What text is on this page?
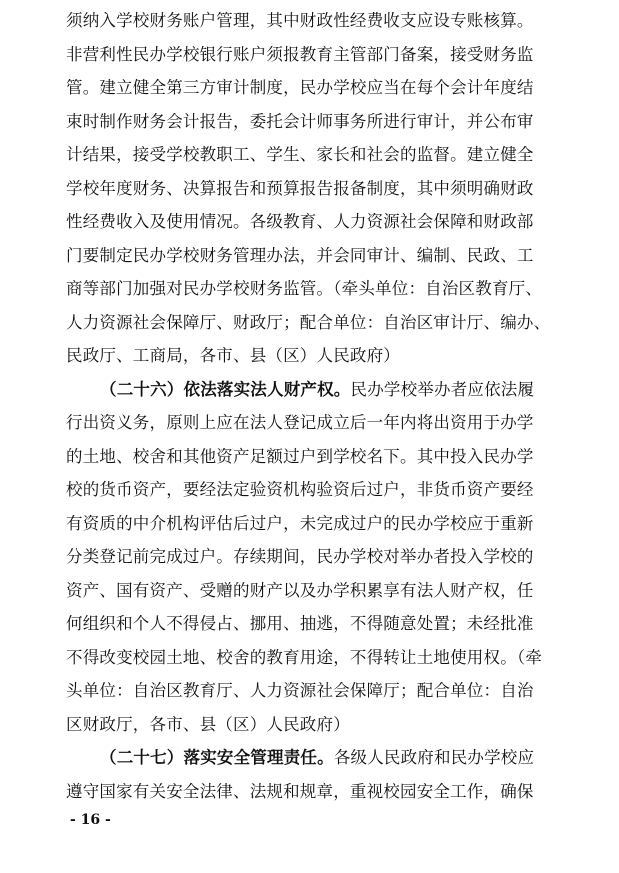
须纳入学校财务账户管理，其中财政性经费收支应设专账核算。
非营利性民办学校银行账户须报教育主管部门备案，接受财务监
管。建立健全第三方审计制度，民办学校应当在每个会计年度结
束时制作财务会计报告，委托会计师事务所进行审计，并公布审
计结果，接受学校教职工、学生、家长和社会的监督。建立健全
学校年度财务、决算报告和预算报告报备制度，其中须明确财政
性经费收入及使用情况。各级教育、人力资源社会保障和财政部
门要制定民办学校财务管理办法，并会同审计、编制、民政、工
商等部门加强对民办学校财务监管。（牵头单位：自治区教育厅、
人力资源社会保障厅、财政厅；配合单位：自治区审计厅、编办、
民政厅、工商局，各市、县（区）人民政府）
（二十六）依法落实法人财产权。民办学校举办者应依法履
行出资义务，原则上应在法人登记成立后一年内将出资用于办学
的土地、校舍和其他资产足额过户到学校名下。其中投入民办学
校的货币资产，要经法定验资机构验资后过户，非货币资产要经
有资质的中介机构评估后过户，未完成过户的民办学校应于重新
分类登记前完成过户。存续期间，民办学校对举办者投入学校的
资产、国有资产、受赠的财产以及办学积累享有法人财产权，任
何组织和个人不得侵占、挪用、抽逃，不得随意处置；未经批准
不得改变校园土地、校舍的教育用途，不得转让土地使用权。（牵
头单位：自治区教育厅、人力资源社会保障厅；配合单位：自治
区财政厅，各市、县（区）人民政府）
（二十七）落实安全管理责任。各级人民政府和民办学校应
遵守国家有关安全法律、法规和规章，重视校园安全工作，确保
- 16 -
